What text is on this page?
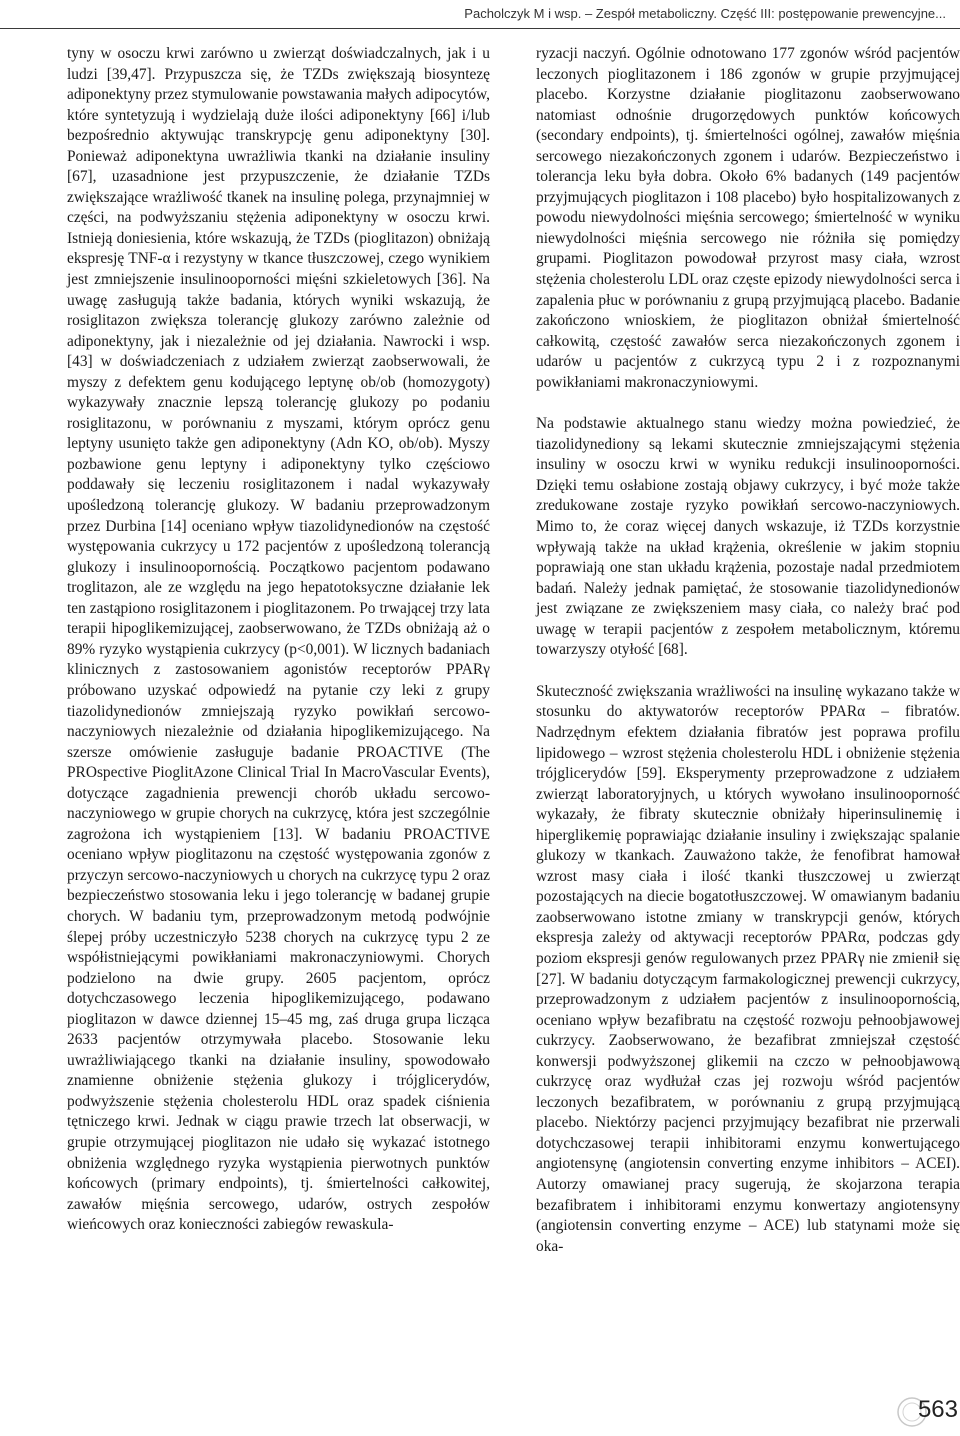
Pacholczyk M i wsp. – Zespół metaboliczny. Część III: postępowanie prewencyjne...

tyny w osoczu krwi zarówno u zwierząt doświadczalnych, jak i u ludzi [39,47]. Przypuszcza się, że TZDs zwiększają biosyntezę adiponektyny przez stymulowanie powstawania małych adipocytów, które syntetyzują i wydzielają duże ilości adiponektyny [66] i/lub bezpośrednio aktywując transkrypcję genu adiponektyny [30]. Ponieważ adiponektyna uwrażliwia tkanki na działanie insuliny [67], uzasadnione jest przypuszczenie, że działanie TZDs zwiększające wrażliwość tkanek na insulinę polega, przynajmniej w części, na podwyższaniu stężenia adiponektyny w osoczu krwi. Istnieją doniesienia, które wskazują, że TZDs (pioglitazon) obniżają ekspresję TNF-α i rezystyny w tkance tłuszczowej, czego wynikiem jest zmniejszenie insulinooporności mięśni szkieletowych [36]. Na uwagę zasługują także badania, których wyniki wskazują, że rosiglitazon zwiększa tolerancję glukozy zarówno zależnie od adiponektyny, jak i niezależnie od jej działania. Nawrocki i wsp. [43] w doświadczeniach z udziałem zwierząt zaobserwowali, że myszy z defektem genu kodującego leptynę ob/ob (homozygoty) wykazywały znacznie lepszą tolerancję glukozy po podaniu rosiglitazonu, w porównaniu z myszami, którym oprócz genu leptyny usunięto także gen adiponektyny (Adn KO, ob/ob). Myszy pozbawione genu leptyny i adiponektyny tylko częściowo poddawały się leczeniu rosiglitazonem i nadal wykazywały upośledzoną tolerancję glukozy. W badaniu przeprowadzonym przez Durbina [14] oceniano wpływ tiazolidynedionów na częstość występowania cukrzycy u 172 pacjentów z upośledzoną tolerancją glukozy i insulinoopornością. Początkowo pacjentom podawano troglitazon, ale ze względu na jego hepatotoksyczne działanie lek ten zastąpiono rosiglitazonem i pioglitazonem. Po trwającej trzy lata terapii hipoglikemizującej, zaobserwowano, że TZDs obniżają aż o 89% ryzyko wystąpienia cukrzycy (p<0,001). W licznych badaniach klinicznych z zastosowaniem agonistów receptorów PPARγ próbowano uzyskać odpowiedź na pytanie czy leki z grupy tiazolidynedionów zmniejszają ryzyko powikłań sercowo-naczyniowych niezależnie od działania hipoglikemizującego. Na szersze omówienie zasługuje badanie PROACTIVE (The PROspective PioglitAzone Clinical Trial In MacroVascular Events), dotyczące zagadnienia prewencji chorób układu sercowo-naczyniowego w grupie chorych na cukrzycę, która jest szczególnie zagrożona ich wystąpieniem [13]. W badaniu PROACTIVE oceniano wpływ pioglitazonu na częstość występowania zgonów z przyczyn sercowo-naczyniowych u chorych na cukrzycę typu 2 oraz bezpieczeństwo stosowania leku i jego tolerancję w badanej grupie chorych. W badaniu tym, przeprowadzonym metodą podwójnie ślepej próby uczestniczyło 5238 chorych na cukrzycę typu 2 ze współistniejącymi powikłaniami makronaczyniowymi. Chorych podzielono na dwie grupy. 2605 pacjentom, oprócz dotychczasowego leczenia hipoglikemizującego, podawano pioglitazon w dawce dziennej 15–45 mg, zaś druga grupa licząca 2633 pacjentów otrzymywała placebo. Stosowanie leku uwrażliwiającego tkanki na działanie insuliny, spowodowało znamienne obniżenie stężenia glukozy i trójglicerydów, podwyższenie stężenia cholesterolu HDL oraz spadek ciśnienia tętniczego krwi. Jednak w ciągu prawie trzech lat obserwacji, w grupie otrzymującej pioglitazon nie udało się wykazać istotnego obniżenia względnego ryzyka wystąpienia pierwotnych punktów końcowych (primary endpoints), tj. śmiertelności całkowitej, zawałów mięśnia sercowego, udarów, ostrych zespołów wieńcowych oraz konieczności zabiegów rewaskula-

ryzacji naczyń. Ogólnie odnotowano 177 zgonów wśród pacjentów leczonych pioglitazonem i 186 zgonów w grupie przyjmującej placebo. Korzystne działanie pioglitazonu zaobserwowano natomiast odnośnie drugorzędowych punktów końcowych (secondary endpoints), tj. śmiertelności ogólnej, zawałów mięśnia sercowego niezakończonych zgonem i udarów. Bezpieczeństwo i tolerancja leku była dobra. Około 6% badanych (149 pacjentów przyjmujących pioglitazon i 108 placebo) było hospitalizowanych z powodu niewydolności mięśnia sercowego; śmiertelność w wyniku niewydolności mięśnia sercowego nie różniła się pomiędzy grupami. Pioglitazon powodował przyrost masy ciała, wzrost stężenia cholesterolu LDL oraz częste epizody niewydolności serca i zapalenia płuc w porównaniu z grupą przyjmującą placebo. Badanie zakończono wnioskiem, że pioglitazon obniżał śmiertelność całkowitą, częstość zawałów serca niezakończonych zgonem i udarów u pacjentów z cukrzycą typu 2 i z rozpoznanymi powikłaniami makronaczyniowymi.

Na podstawie aktualnego stanu wiedzy można powiedzieć, że tiazolidynediony są lekami skutecznie zmniejszającymi stężenia insuliny w osoczu krwi w wyniku redukcji insulinooporności. Dzięki temu osłabione zostają objawy cukrzycy, i być może także zredukowane zostaje ryzyko powikłań sercowo-naczyniowych. Mimo to, że coraz więcej danych wskazuje, iż TZDs korzystnie wpływają także na układ krążenia, określenie w jakim stopniu poprawiają one stan układu krążenia, pozostaje nadal przedmiotem badań. Należy jednak pamiętać, że stosowanie tiazolidynedionów jest związane ze zwiększeniem masy ciała, co należy brać pod uwagę w terapii pacjentów z zespołem metabolicznym, któremu towarzyszy otyłość [68].

Skuteczność zwiększania wrażliwości na insulinę wykazano także w stosunku do aktywatorów receptorów PPARα – fibratów. Nadrzędnym efektem działania fibratów jest poprawa profilu lipidowego – wzrost stężenia cholesterolu HDL i obniżenie stężenia trójglicerydów [59]. Eksperymenty przeprowadzone z udziałem zwierząt laboratoryjnych, u których wywołano insulinooporność wykazały, że fibraty skutecznie obniżały hiperinsulinemię i hiperglikemię poprawiając działanie insuliny i zwiększając spalanie glukozy w tkankach. Zauważono także, że fenofibrat hamował wzrost masy ciała i ilość tkanki tłuszczowej u zwierząt pozostających na diecie bogatotłuszczowej. W omawianym badaniu zaobserwowano istotne zmiany w transkrypcji genów, których ekspresja zależy od aktywacji receptorów PPARα, podczas gdy poziom ekspresji genów regulowanych przez PPARγ nie zmienił się [27]. W badaniu dotyczącym farmakologicznej prewencji cukrzycy, przeprowadzonym z udziałem pacjentów z insulinoopornością, oceniano wpływ bezafibratu na częstość rozwoju pełnoobjawowej cukrzycy. Zaobserwowano, że bezafibrat zmniejszał częstość konwersji podwyższonej glikemii na czczo w pełnoobjawową cukrzycę oraz wydłużał czas jej rozwoju wśród pacjentów leczonych bezafibratem, w porównaniu z grupą przyjmującą placebo. Niektórzy pacjenci przyjmujący bezafibrat nie przerwali dotychczasowej terapii inhibitorami enzymu konwertującego angiotensynę (angiotensin converting enzyme inhibitors – ACEI). Autorzy omawianej pracy sugerują, że skojarzona terapia bezafibratem i inhibitorami enzymu konwertazy angiotensyny (angiotensin converting enzyme – ACE) lub statynami może się oka-

563
